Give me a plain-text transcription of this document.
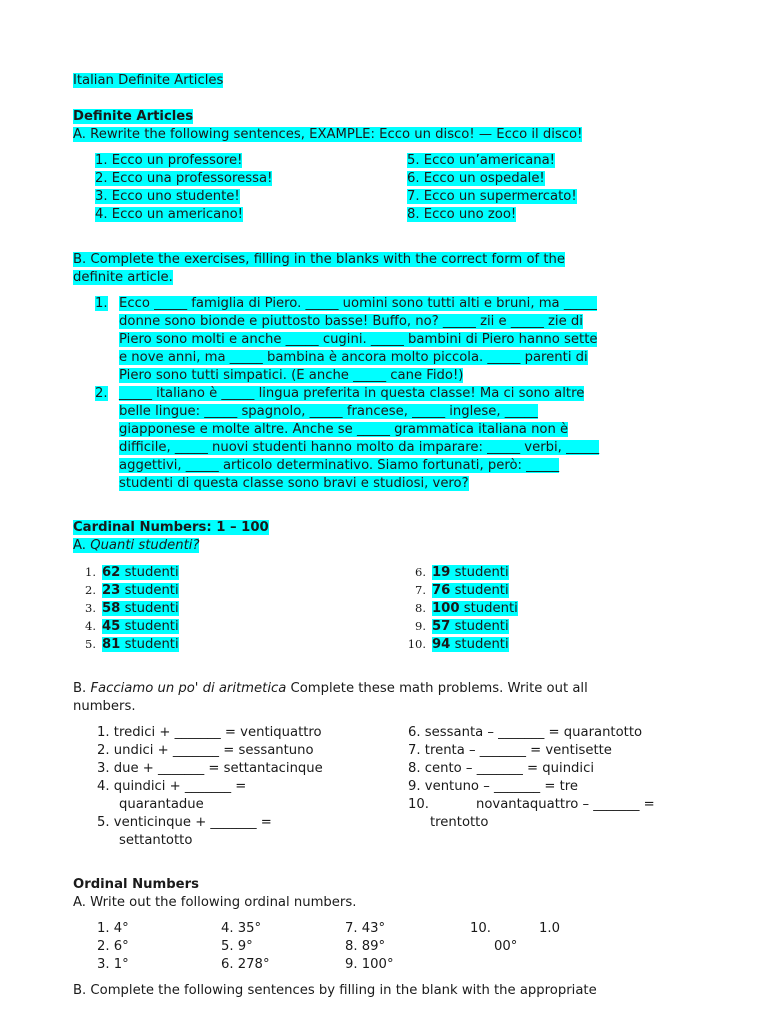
Italian Definite Articles
Definite Articles
A. Rewrite the following sentences, EXAMPLE: Ecco un disco! — Ecco il disco!
1. Ecco un professore!
2. Ecco una professoressa!
3. Ecco uno studente!
4. Ecco un americano!
5. Ecco un’americana!
6. Ecco un ospedale!
7. Ecco un supermercato!
8. Ecco uno zoo!
B. Complete the exercises, filling in the blanks with the correct form of the
definite article.
1. Ecco _____ famiglia di Piero. _____ uomini sono tutti alti e bruni, ma _____
donne sono bionde e piuttosto basse! Buffo, no? _____ zii e _____ zie di
Piero sono molti e anche _____ cugini. _____ bambini di Piero hanno sette
e nove anni, ma _____ bambina è ancora molto piccola. _____ parenti di
Piero sono tutti simpatici. (E anche _____ cane Fido!)
2. _____ italiano è _____ lingua preferita in questa classe! Ma ci sono altre
belle lingue: _____ spagnolo, _____ francese, _____ inglese, _____
giapponese e molte altre. Anche se _____ grammatica italiana non è
difficile, _____ nuovi studenti hanno molto da imparare: _____ verbi, _____
aggettivi, _____ articolo determinativo. Siamo fortunati, però: _____
studenti di questa classe sono bravi e studiosi, vero?
Cardinal Numbers: 1 – 100
A. Quanti studenti?
1. 62 studenti
2. 23 studenti
3. 58 studenti
4. 45 studenti
5. 81 studenti
6. 19 studenti
7. 76 studenti
8. 100 studenti
9. 57 studenti
10. 94 studenti
B. Facciamo un po' di aritmetica Complete these math problems. Write out all
numbers.
1. tredici + _______ = ventiquattro
2. undici + _______ = sessantuno
3. due + _______ = settantacinque
4. quindici + _______ =
quarantadue
5. venticinque + _______ =
settantotto
6. sessanta – _______ = quarantotto
7. trenta – _______ = ventisette
8. cento – _______ = quindici
9. ventuno – _______ = tre
10.	novantaquattro – _______ =
trentotto
Ordinal Numbers
A. Write out the following ordinal numbers.
1. 4°
2. 6°
3. 1°
4. 35°
5. 9°
6. 278°
7. 43°
8. 89°
9. 100°
10.	1.0
00°
B. Complete the following sentences by filling in the blank with the appropriate
